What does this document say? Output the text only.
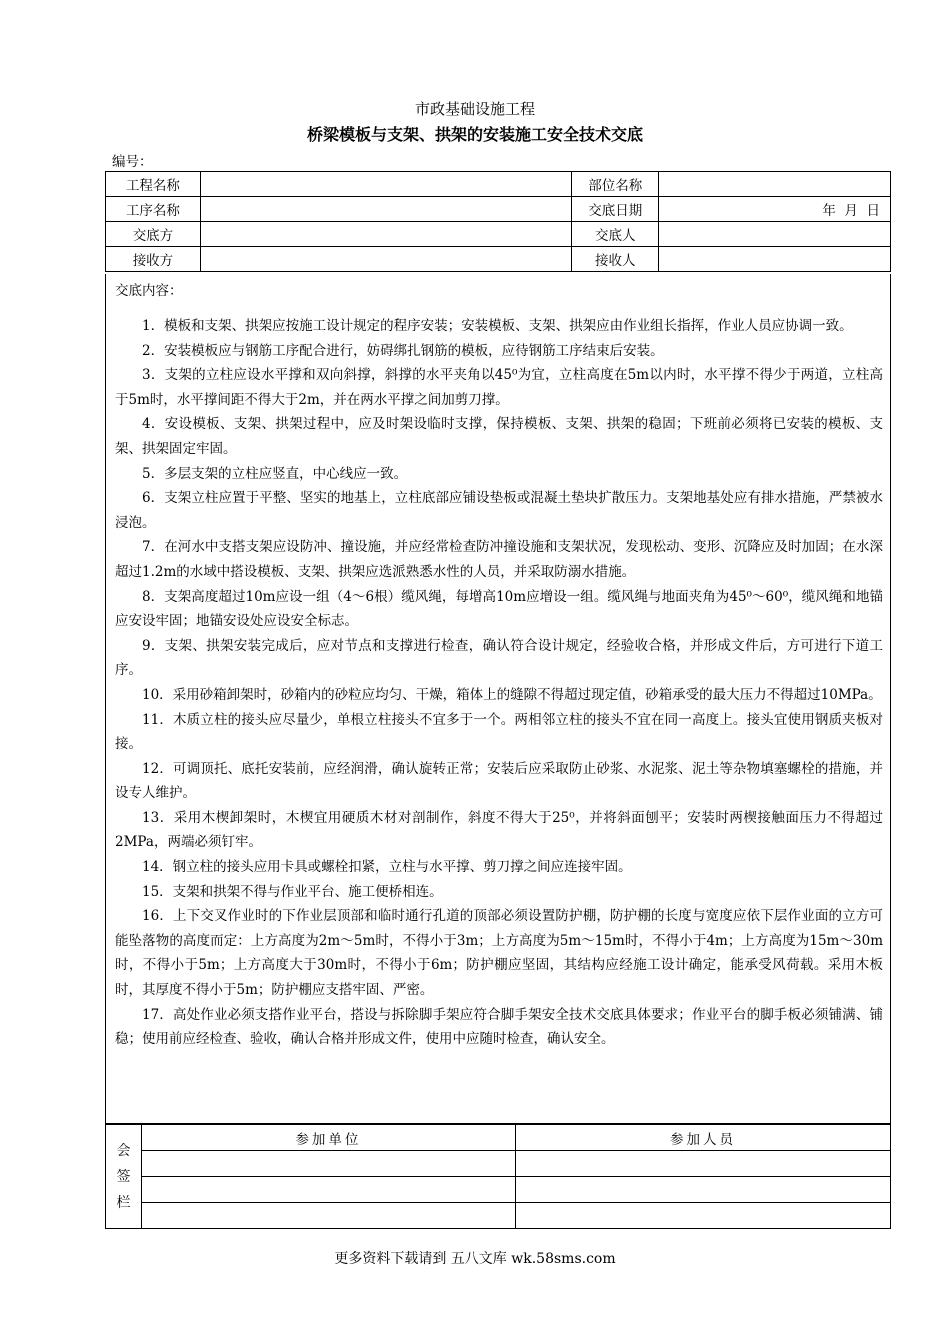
市政基础设施工程
桥梁模板与支架、拱架的安装施工安全技术交底
编号：
工程名称		部位名称	
工序名称		交底日期	年  月  日
交底方		交底人	
接收方		接收人	
交底内容：

1．模板和支架、拱架应按施工设计规定的程序安装；安装模板、支架、拱架应由作业组长指挥，作业人员应协调一致。

2．安装模板应与钢筋工序配合进行，妨碍绑扎钢筋的模板，应待钢筋工序结束后安装。

3．支架的立柱应设水平撑和双向斜撑，斜撑的水平夹角以45⁰为宜，立柱高度在5m以内时，水平撑不得少于两道，立柱高于5m时，水平撑间距不得大于2m，并在两水平撑之间加剪刀撑。

4．安设模板、支架、拱架过程中，应及时架设临时支撑，保持模板、支架、拱架的稳固；下班前必须将已安装的模板、支架、拱架固定牢固。

5．多层支架的立柱应竖直，中心线应一致。

6．支架立柱应置于平整、坚实的地基上，立柱底部应铺设垫板或混凝土垫块扩散压力。支架地基处应有排水措施，严禁被水浸泡。

7．在河水中支搭支架应设防冲、撞设施，并应经常检查防冲撞设施和支架状况，发现松动、变形、沉降应及时加固；在水深超过1.2m的水域中搭设模板、支架、拱架应选派熟悉水性的人员，并采取防溺水措施。

8．支架高度超过10m应设一组（4～6根）缆风绳，每增高10m应增设一组。缆风绳与地面夹角为45⁰～60⁰，缆风绳和地锚应安设牢固；地锚安设处应设安全标志。

9．支架、拱架安装完成后，应对节点和支撑进行检查，确认符合设计规定，经验收合格，并形成文件后，方可进行下道工序。

10．采用砂箱卸架时，砂箱内的砂粒应均匀、干燥，箱体上的缝隙不得超过现定值，砂箱承受的最大压力不得超过10MPa。

11．木质立柱的接头应尽量少，单根立柱接头不宜多于一个。两相邻立柱的接头不宜在同一高度上。接头宜使用钢质夹板对接。

12．可调顶托、底托安装前，应经润滑，确认旋转正常；安装后应采取防止砂浆、水泥浆、泥土等杂物填塞螺栓的措施，并设专人维护。

13．采用木楔卸架时，木楔宜用硬质木材对剖制作，斜度不得大于25⁰，并将斜面刨平；安装时两楔接触面压力不得超过2MPa，两端必须钉牢。

14．钢立柱的接头应用卡具或螺栓扣紧，立柱与水平撑、剪刀撑之间应连接牢固。

15．支架和拱架不得与作业平台、施工便桥相连。

16．上下交叉作业时的下作业层顶部和临时通行孔道的顶部必须设置防护棚，防护棚的长度与宽度应依下层作业面的立方可能坠落物的高度而定：上方高度为2m～5m时，不得小于3m；上方高度为5m～15m时，不得小于4m；上方高度为15m～30m时，不得小于5m；上方高度大于30m时，不得小于6m；防护棚应坚固，其结构应经施工设计确定，能承受风荷载。采用木板时，其厚度不得小于5m；防护棚应支搭牢固、严密。

17．高处作业必须支搭作业平台，搭设与拆除脚手架应符合脚手架安全技术交底具体要求；作业平台的脚手板必须铺满、铺稳；使用前应经检查、验收，确认合格并形成文件，使用中应随时检查，确认安全。

会
签
栏	参加单位	参加人员

更多资料下载请到 五八文库 wk.58sms.com
